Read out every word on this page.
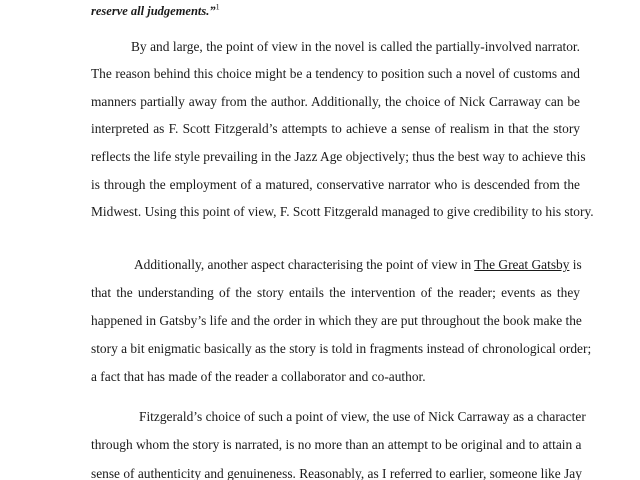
reserve all judgements.”$^1$
By and large, the point of view in the novel is called the partially-involved narrator.
The reason behind this choice might be a tendency to position such a novel of customs and
manners partially away from the author. Additionally, the choice of Nick Carraway can be
interpreted as F. Scott Fitzgerald’s attempts to achieve a sense of realism in that the story
reflects the life style prevailing in the Jazz Age objectively; thus the best way to achieve this
is through the employment of a matured, conservative narrator who is descended from the
Midwest. Using this point of view, F. Scott Fitzgerald managed to give credibility to his story.
Additionally, another aspect characterising the point of view in The Great Gatsby is
that the understanding of the story entails the intervention of the reader; events as they
happened in Gatsby’s life and the order in which they are put throughout the book make the
story a bit enigmatic basically as the story is told in fragments instead of chronological order;
a fact that has made of the reader a collaborator and co-author.
Fitzgerald’s choice of such a point of view, the use of Nick Carraway as a character
through whom the story is narrated, is no more than an attempt to be original and to attain a
sense of authenticity and genuineness. Reasonably, as I referred to earlier, someone like Jay
